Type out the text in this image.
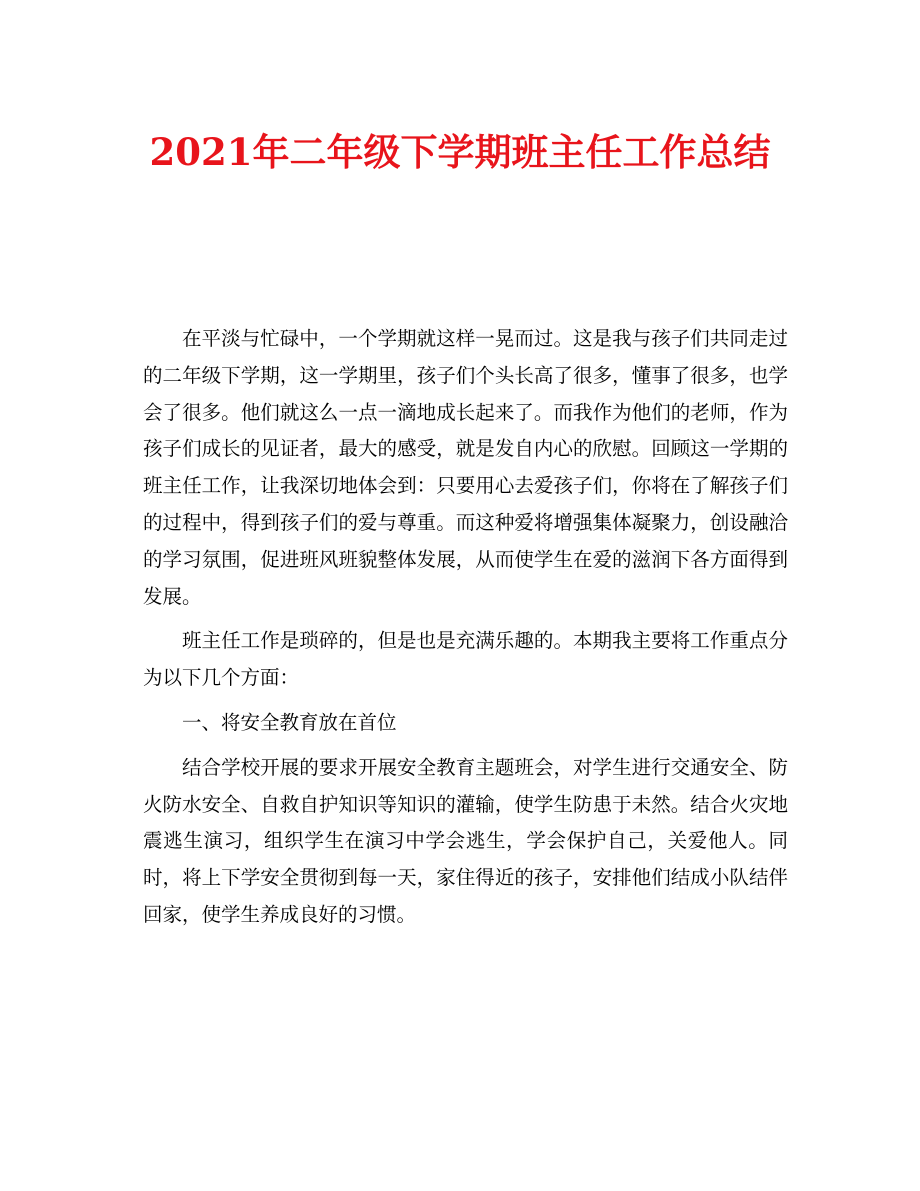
2021年二年级下学期班主任工作总结

在平淡与忙碌中，一个学期就这样一晃而过。这是我与孩子们共同走过的二年级下学期，这一学期里，孩子们个头长高了很多，懂事了很多，也学会了很多。他们就这么一点一滴地成长起来了。而我作为他们的老师，作为孩子们成长的见证者，最大的感受，就是发自内心的欣慰。回顾这一学期的班主任工作，让我深切地体会到：只要用心去爱孩子们，你将在了解孩子们的过程中，得到孩子们的爱与尊重。而这种爱将增强集体凝聚力，创设融洽的学习氛围，促进班风班貌整体发展，从而使学生在爱的滋润下各方面得到发展。

班主任工作是琐碎的，但是也是充满乐趣的。本期我主要将工作重点分为以下几个方面：

一、将安全教育放在首位

结合学校开展的要求开展安全教育主题班会，对学生进行交通安全、防火防水安全、自救自护知识等知识的灌输，使学生防患于未然。结合火灾地震逃生演习，组织学生在演习中学会逃生，学会保护自己，关爱他人。同时，将上下学安全贯彻到每一天，家住得近的孩子，安排他们结成小队结伴回家，使学生养成良好的习惯。
